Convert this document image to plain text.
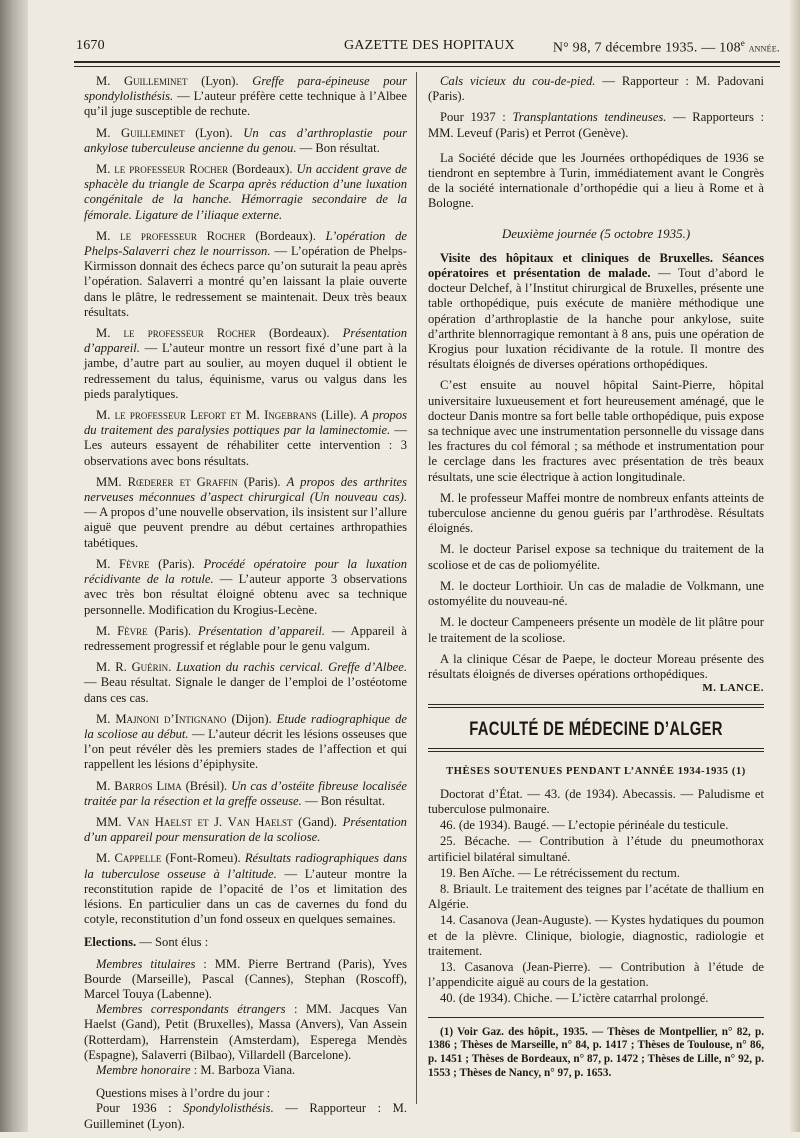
1670	GAZETTE DES HOPITAUX	N° 98, 7 décembre 1935. — 108e année.

M. Guilleminet (Lyon). Greffe para-épineuse pour spondylolisthésis. — L’auteur préfère cette technique à l’Albee qu’il juge susceptible de rechute.

M. Guilleminet (Lyon). Un cas d’arthroplastie pour ankylose tuberculeuse ancienne du genou. — Bon résultat.

M. le professeur Rocher (Bordeaux). Un accident grave de sphacèle du triangle de Scarpa après réduction d’une luxation congénitale de la hanche. Hémorragie secondaire de la fémorale. Ligature de l’iliaque externe.

M. le professeur Rocher (Bordeaux). L’opération de Phelps-Salaverri chez le nourrisson. — L’opération de Phelps-Kirmisson donnait des échecs parce qu’on suturait la peau après l’opération. Salaverri a montré qu’en laissant la plaie ouverte dans le plâtre, le redressement se maintenait. Deux très beaux résultats.

M. le professeur Rocher (Bordeaux). Présentation d’appareil. — L’auteur montre un ressort fixé d’une part à la jambe, d’autre part au soulier, au moyen duquel il obtient le redressement du talus, équinisme, varus ou valgus dans les pieds paralytiques.

M. le professeur Lefort et M. Ingebrans (Lille). A propos du traitement des paralysies pottiques par la laminectomie. — Les auteurs essayent de réhabiliter cette intervention : 3 observations avec bons résultats.

MM. Rœderer et Graffin (Paris). A propos des arthrites nerveuses méconnues d’aspect chirurgical (Un nouveau cas). — A propos d’une nouvelle observation, ils insistent sur l’allure aiguë que peuvent prendre au début certaines arthropathies tabétiques.

M. Fèvre (Paris). Procédé opératoire pour la luxation récidivante de la rotule. — L’auteur apporte 3 observations avec très bon résultat éloigné obtenu avec sa technique personnelle. Modification du Krogius-Lecène.

M. Fèvre (Paris). Présentation d’appareil. — Appareil à redressement progressif et réglable pour le genu valgum.

M. R. Guérin. Luxation du rachis cervical. Greffe d’Albee. — Beau résultat. Signale le danger de l’emploi de l’ostéotome dans ces cas.

M. Majnoni d’Intignano (Dijon). Etude radiographique de la scoliose au début. — L’auteur décrit les lésions osseuses que l’on peut révéler dès les premiers stades de l’affection et qui rappellent les lésions d’épiphysite.

M. Barros Lima (Brésil). Un cas d’ostéite fibreuse localisée traitée par la résection et la greffe osseuse. — Bon résultat.

MM. Van Haelst et J. Van Haelst (Gand). Présentation d’un appareil pour mensuration de la scoliose.

M. Cappelle (Font-Romeu). Résultats radiographiques dans la tuberculose osseuse à l’altitude. — L’auteur montre la reconstitution rapide de l’opacité de l’os et limitation des lésions. En particulier dans un cas de cavernes du fond du cotyle, reconstitution d’un fond osseux en quelques semaines.

Elections. — Sont élus :

Membres titulaires : MM. Pierre Bertrand (Paris), Yves Bourde (Marseille), Pascal (Cannes), Stephan (Roscoff), Marcel Touya (Labenne).

Membres correspondants étrangers : MM. Jacques Van Haelst (Gand), Petit (Bruxelles), Massa (Anvers), Van Assein (Rotterdam), Harrenstein (Amsterdam), Esperega Mendès (Espagne), Salaverri (Bilbao), Villardell (Barcelone).

Membre honoraire : M. Barboza Viana.

Questions mises à l’ordre du jour :

Pour 1936 : Spondylolisthésis. — Rapporteur : M. Guilleminet (Lyon).

Cals vicieux du cou-de-pied. — Rapporteur : M. Padovani (Paris).

Pour 1937 : Transplantations tendineuses. — Rapporteurs : MM. Leveuf (Paris) et Perrot (Genève).

La Société décide que les Journées orthopédiques de 1936 se tiendront en septembre à Turin, immédiatement avant le Congrès de la société internationale d’orthopédie qui a lieu à Rome et à Bologne.

Deuxième journée (5 octobre 1935.)

Visite des hôpitaux et cliniques de Bruxelles. Séances opératoires et présentation de malade. — Tout d’abord le docteur Delchef, à l’Institut chirurgical de Bruxelles, présente une table orthopédique, puis exécute de manière méthodique une opération d’arthroplastie de la hanche pour ankylose, suite d’arthrite blennorragique remontant à 8 ans, puis une opération de Krogius pour luxation récidivante de la rotule. Il montre des résultats éloignés de diverses opérations orthopédiques.

C’est ensuite au nouvel hôpital Saint-Pierre, hôpital universitaire luxueusement et fort heureusement aménagé, que le docteur Danis montre sa fort belle table orthopédique, puis expose sa technique avec une instrumentation personnelle du vissage dans les fractures du col fémoral ; sa méthode et instrumentation pour le cerclage dans les fractures avec présentation de très beaux résultats, une scie électrique à action longitudinale.

M. le professeur Maffei montre de nombreux enfants atteints de tuberculose ancienne du genou guéris par l’arthrodèse. Résultats éloignés.

M. le docteur Parisel expose sa technique du traitement de la scoliose et de cas de poliomyélite.

M. le docteur Lorthioir. Un cas de maladie de Volkmann, une ostomyélite du nouveau-né.

M. le docteur Campeneers présente un modèle de lit plâtre pour le traitement de la scoliose.

A la clinique César de Paepe, le docteur Moreau présente des résultats éloignés de diverses opérations orthopédiques.

M. LANCE.

FACULTÉ DE MÉDECINE D’ALGER

THÈSES SOUTENUES PENDANT L’ANNÉE 1934-1935 (1)

Doctorat d’État. — 43. (de 1934). Abecassis. — Paludisme et tuberculose pulmonaire.

46. (de 1934). Baugé. — L’ectopie périnéale du testicule.

25. Bécache. — Contribution à l’étude du pneumothorax artificiel bilatéral simultané.

19. Ben Aïche. — Le rétrécissement du rectum.

8. Briault. Le traitement des teignes par l’acétate de thallium en Algérie.

14. Casanova (Jean-Auguste). — Kystes hydatiques du poumon et de la plèvre. Clinique, biologie, diagnostic, radiologie et traitement.

13. Casanova (Jean-Pierre). — Contribution à l’étude de l’appendicite aiguë au cours de la gestation.

40. (de 1934). Chiche. — L’ictère catarrhal prolongé.

(1) Voir Gaz. des hôpit., 1935. — Thèses de Montpellier, n° 82, p. 1386 ; Thèses de Marseille, n° 84, p. 1417 ; Thèses de Toulouse, n° 86, p. 1451 ; Thèses de Bordeaux, n° 87, p. 1472 ; Thèses de Lille, n° 92, p. 1553 ; Thèses de Nancy, n° 97, p. 1653.
